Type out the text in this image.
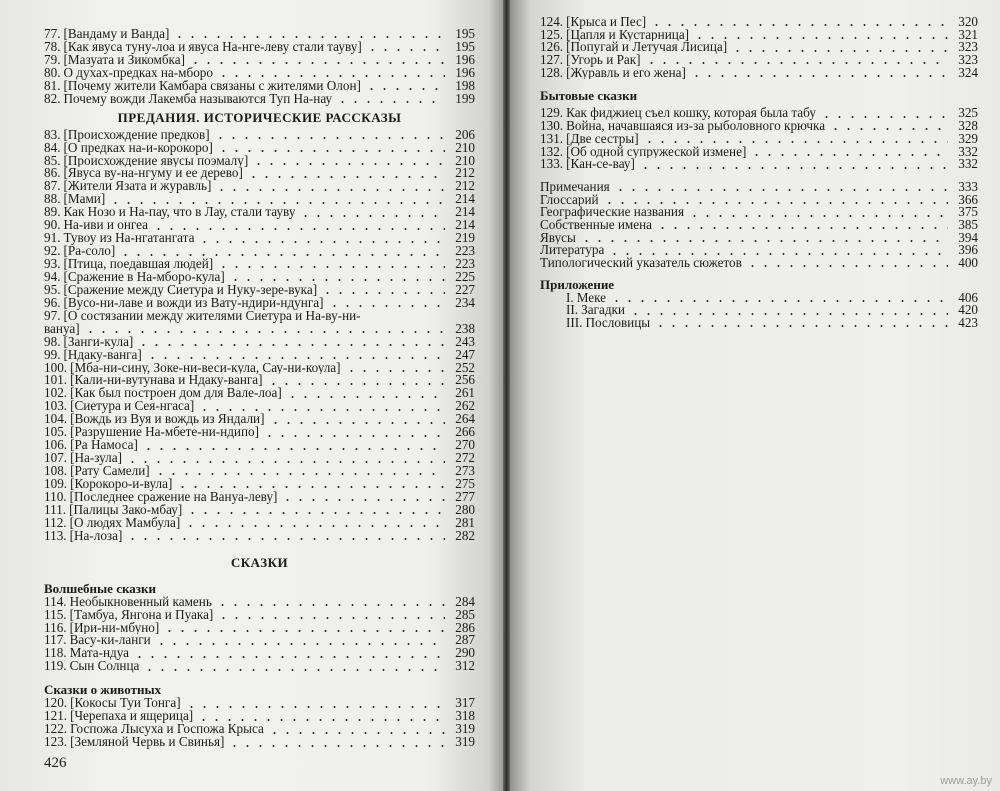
77. [Вандаму и Ванда]	195
78. [Как явуса туну-лоа и явуса На-нге-леву стали тауву]	195
79. [Мазуата и Зикомбка]	196
80. О духах-предках на-мборо	196
81. [Почему жители Камбара связаны с жителями Олон]	198
82. Почему вожди Лакемба называются Туп На-нау	199
ПРЕДАНИЯ. ИСТОРИЧЕСКИЕ РАССКАЗЫ
83. [Происхождение предков]	206
84. [О предках на-и-корокоро]	210
85. [Происхождение явусы поэмалу]	210
86. [Явуса ву-на-нгуму и ее дерево]	212
87. [Жители Язата и журавль]	212
88. [Мами]	214
89. Как Нозо и На-пау, что в Лау, стали тауву	214
90. На-иви и онгеа	214
91. Тувоу из На-нгатангата	219
92. [Ра-соло]	223
93. [Птица, поедавшая людей]	223
94. [Сражение в На-мборо-кула]	225
95. [Сражение между Сиетура и Нуку-зере-вука]	227
96. [Вусо-ни-лаве и вожди из Вату-ндири-ндунга]	234
97. [О состязании между жителями Сиетура и На-ву-ни-
вануа]	238
98. [Занги-кула]	243
99. [Ндаку-ванга]	247
100. [Мба-ни-сину, Зоке-ни-веси-кула, Сау-ни-коула]	252
101. [Кали-ни-вутунава и Ндаку-ванга]	256
102. [Как был построен дом для Вале-лоа]	261
103. [Сиетура и Сея-нгаса]	262
104. [Вождь из Вуя и вождь из Яндали]	264
105. [Разрушение На-мбете-ни-ндипо]	266
106. [Ра Намоса]	270
107. [На-зула]	272
108. [Рату Самели]	273
109. [Корокоро-и-вула]	275
110. [Последнее сражение на Вануа-леву]	277
111. [Палицы Зако-мбау]	280
112. [О людях Мамбула]	281
113. [На-лоза]	282
СКАЗКИ
Волшебные сказки
114. Необыкновенный камень	284
115. [Тамбуа, Янгона и Пуака]	285
116. [Ири-ни-мбуно]	286
117. Васу-ки-ланги	287
118. Мата-ндуа	290
119. Сын Солнца	312
Сказки о животных
120. [Кокосы Туи Тонга]	317
121. [Черепаха и ящерица]	318
122. Госпожа Лысуха и Госпожа Крыса	319
123. [Земляной Червь и Свинья]	319
426
124. [Крыса и Пес]	320
125. [Цапля и Кустарница]	321
126. [Попугай и Летучая Лисица]	323
127. [Угорь и Рак]	323
128. [Журавль и его жена]	324
Бытовые сказки
129. Как фиджиец съел кошку, которая была табу	325
130. Война, начавшаяся из-за рыболовного крючка	328
131. [Две сестры]	329
132. [Об одной супружеской измене]	332
133. [Кан-се-вау]	332
Примечания	333
Глоссарий	366
Географические названия	375
Собственные имена	385
Явусы	394
Литература	396
Типологический указатель сюжетов	400
Приложение
I. Меке	406
II. Загадки	420
III. Пословицы	423
www.ay.by
